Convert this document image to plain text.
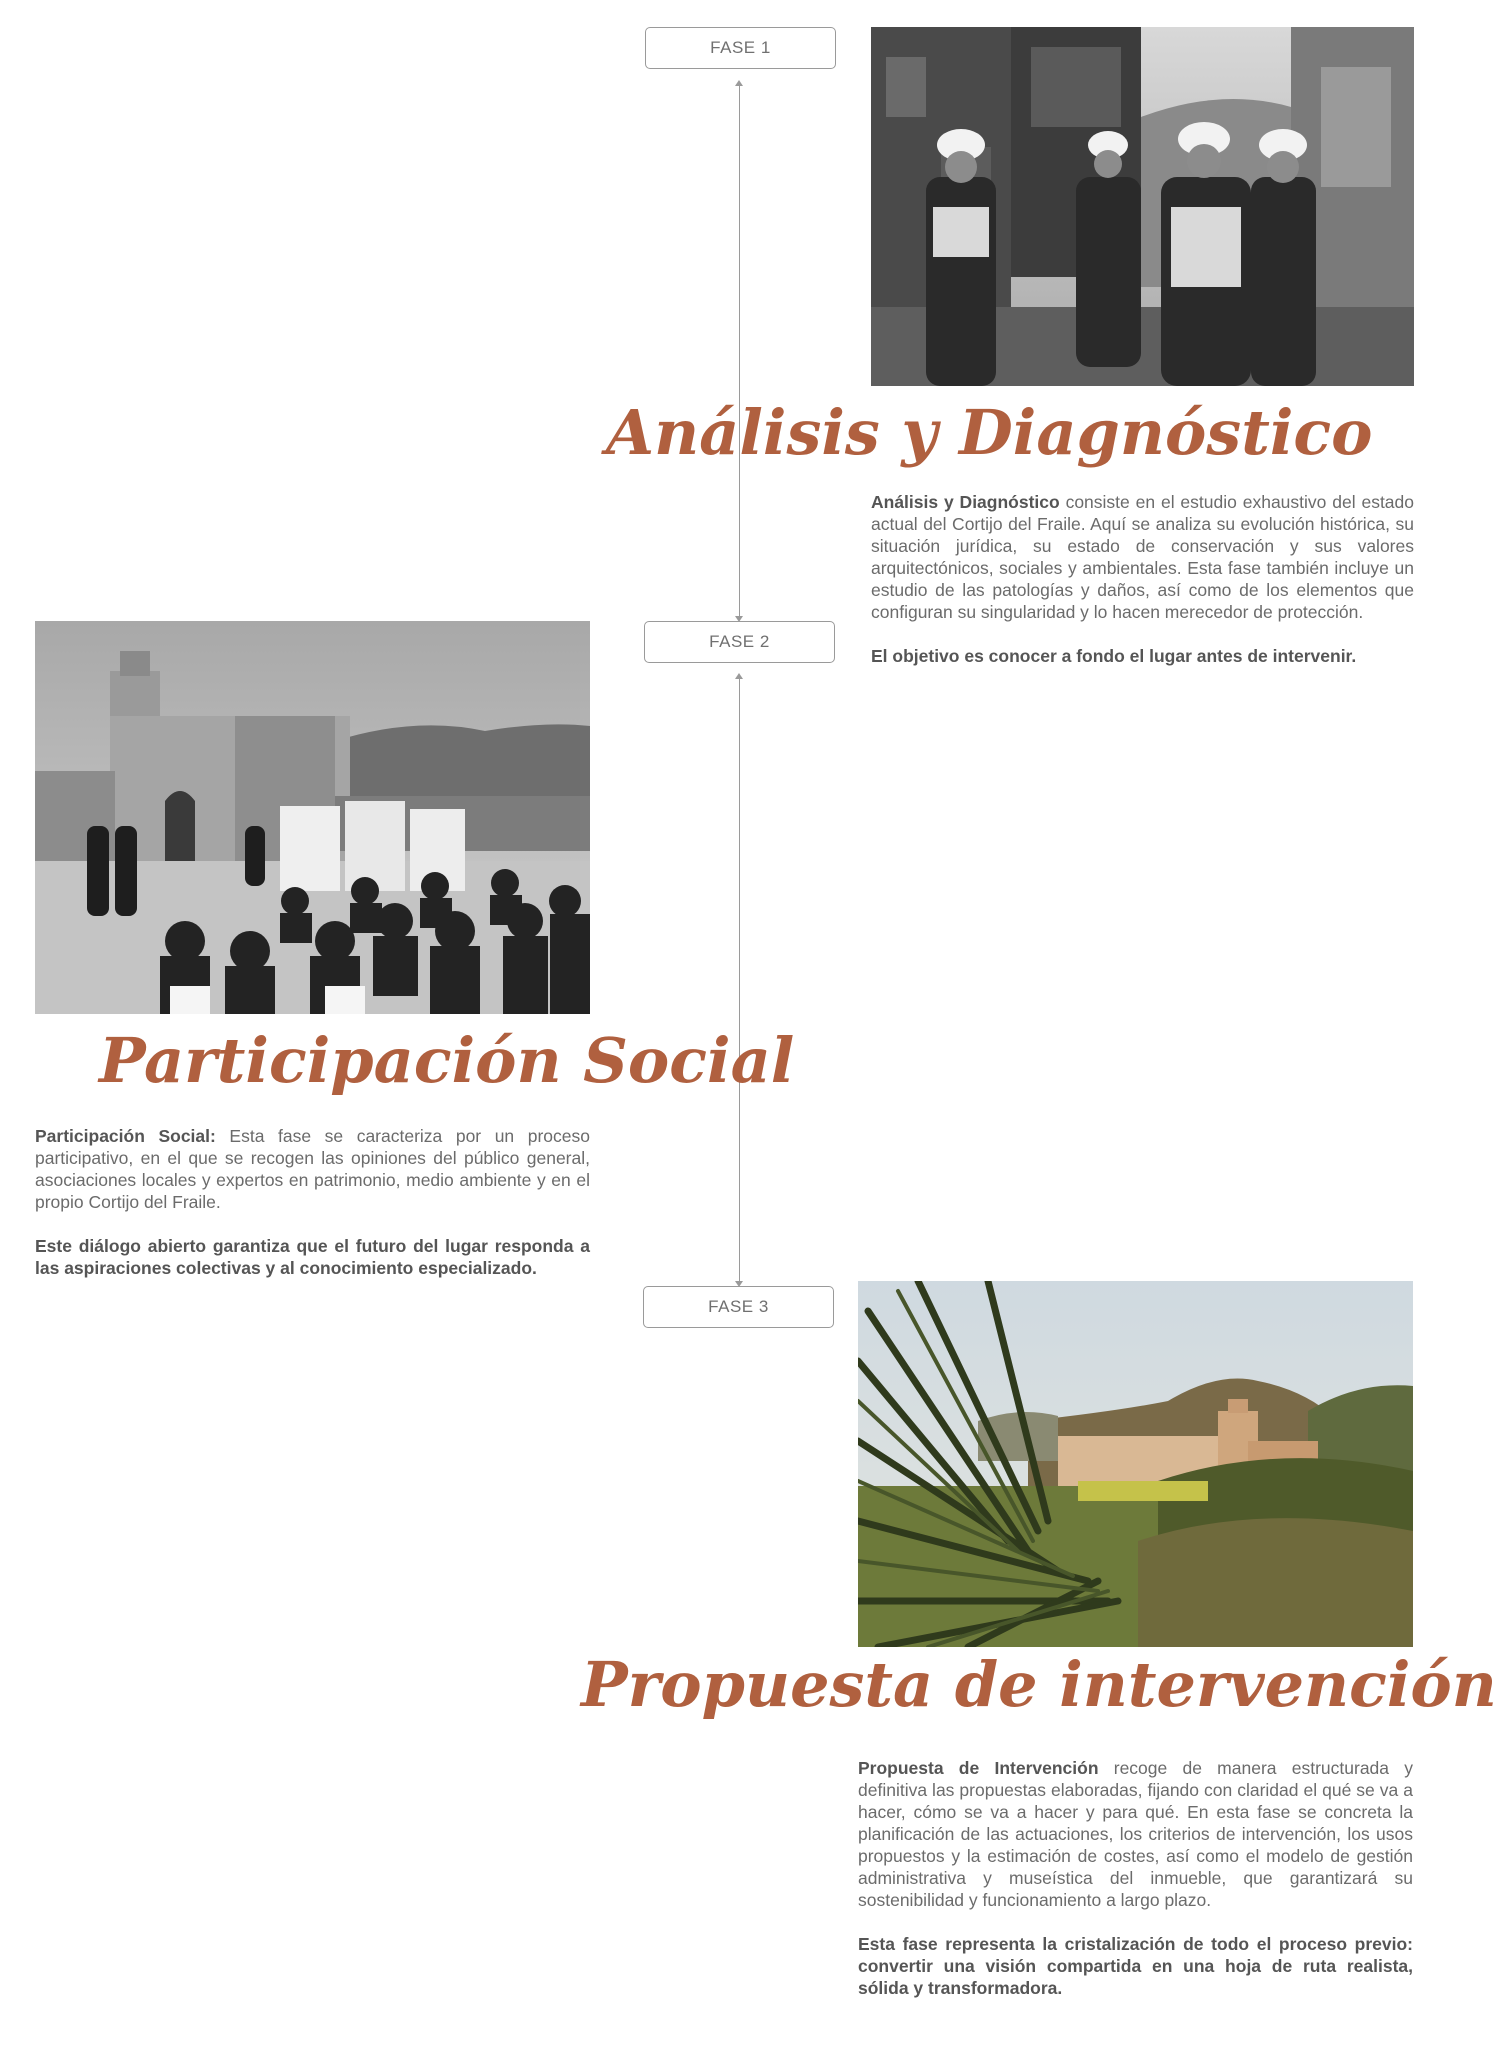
FASE 1
FASE 2
FASE 3
Análisis y Diagnóstico

Análisis y Diagnóstico consiste en el estudio exhaustivo del estado actual del Cortijo del Fraile. Aquí se analiza su evolución histórica, su situación jurídica, su estado de conservación y sus valores arquitectónicos, sociales y ambientales. Esta fase también incluye un estudio de las patologías y daños, así como de los elementos que configuran su singularidad y lo hacen merecedor de protección.

El objetivo es conocer a fondo el lugar antes de intervenir.

Participación Social

Participación Social: Esta fase se caracteriza por un proceso participativo, en el que se recogen las opiniones del público general, asociaciones locales y expertos en patrimonio, medio ambiente y en el propio Cortijo del Fraile.

Este diálogo abierto garantiza que el futuro del lugar responda a las aspiraciones colectivas y al conocimiento especializado.

Propuesta de intervención

Propuesta de Intervención recoge de manera estructurada y definitiva las propuestas elaboradas, fijando con claridad el qué se va a hacer, cómo se va a hacer y para qué. En esta fase se concreta la planificación de las actuaciones, los criterios de intervención, los usos propuestos y la estimación de costes, así como el modelo de gestión administrativa y museística del inmueble, que garantizará su sostenibilidad y funcionamiento a largo plazo.

Esta fase representa la cristalización de todo el proceso previo: convertir una visión compartida en una hoja de ruta realista, sólida y transformadora.
